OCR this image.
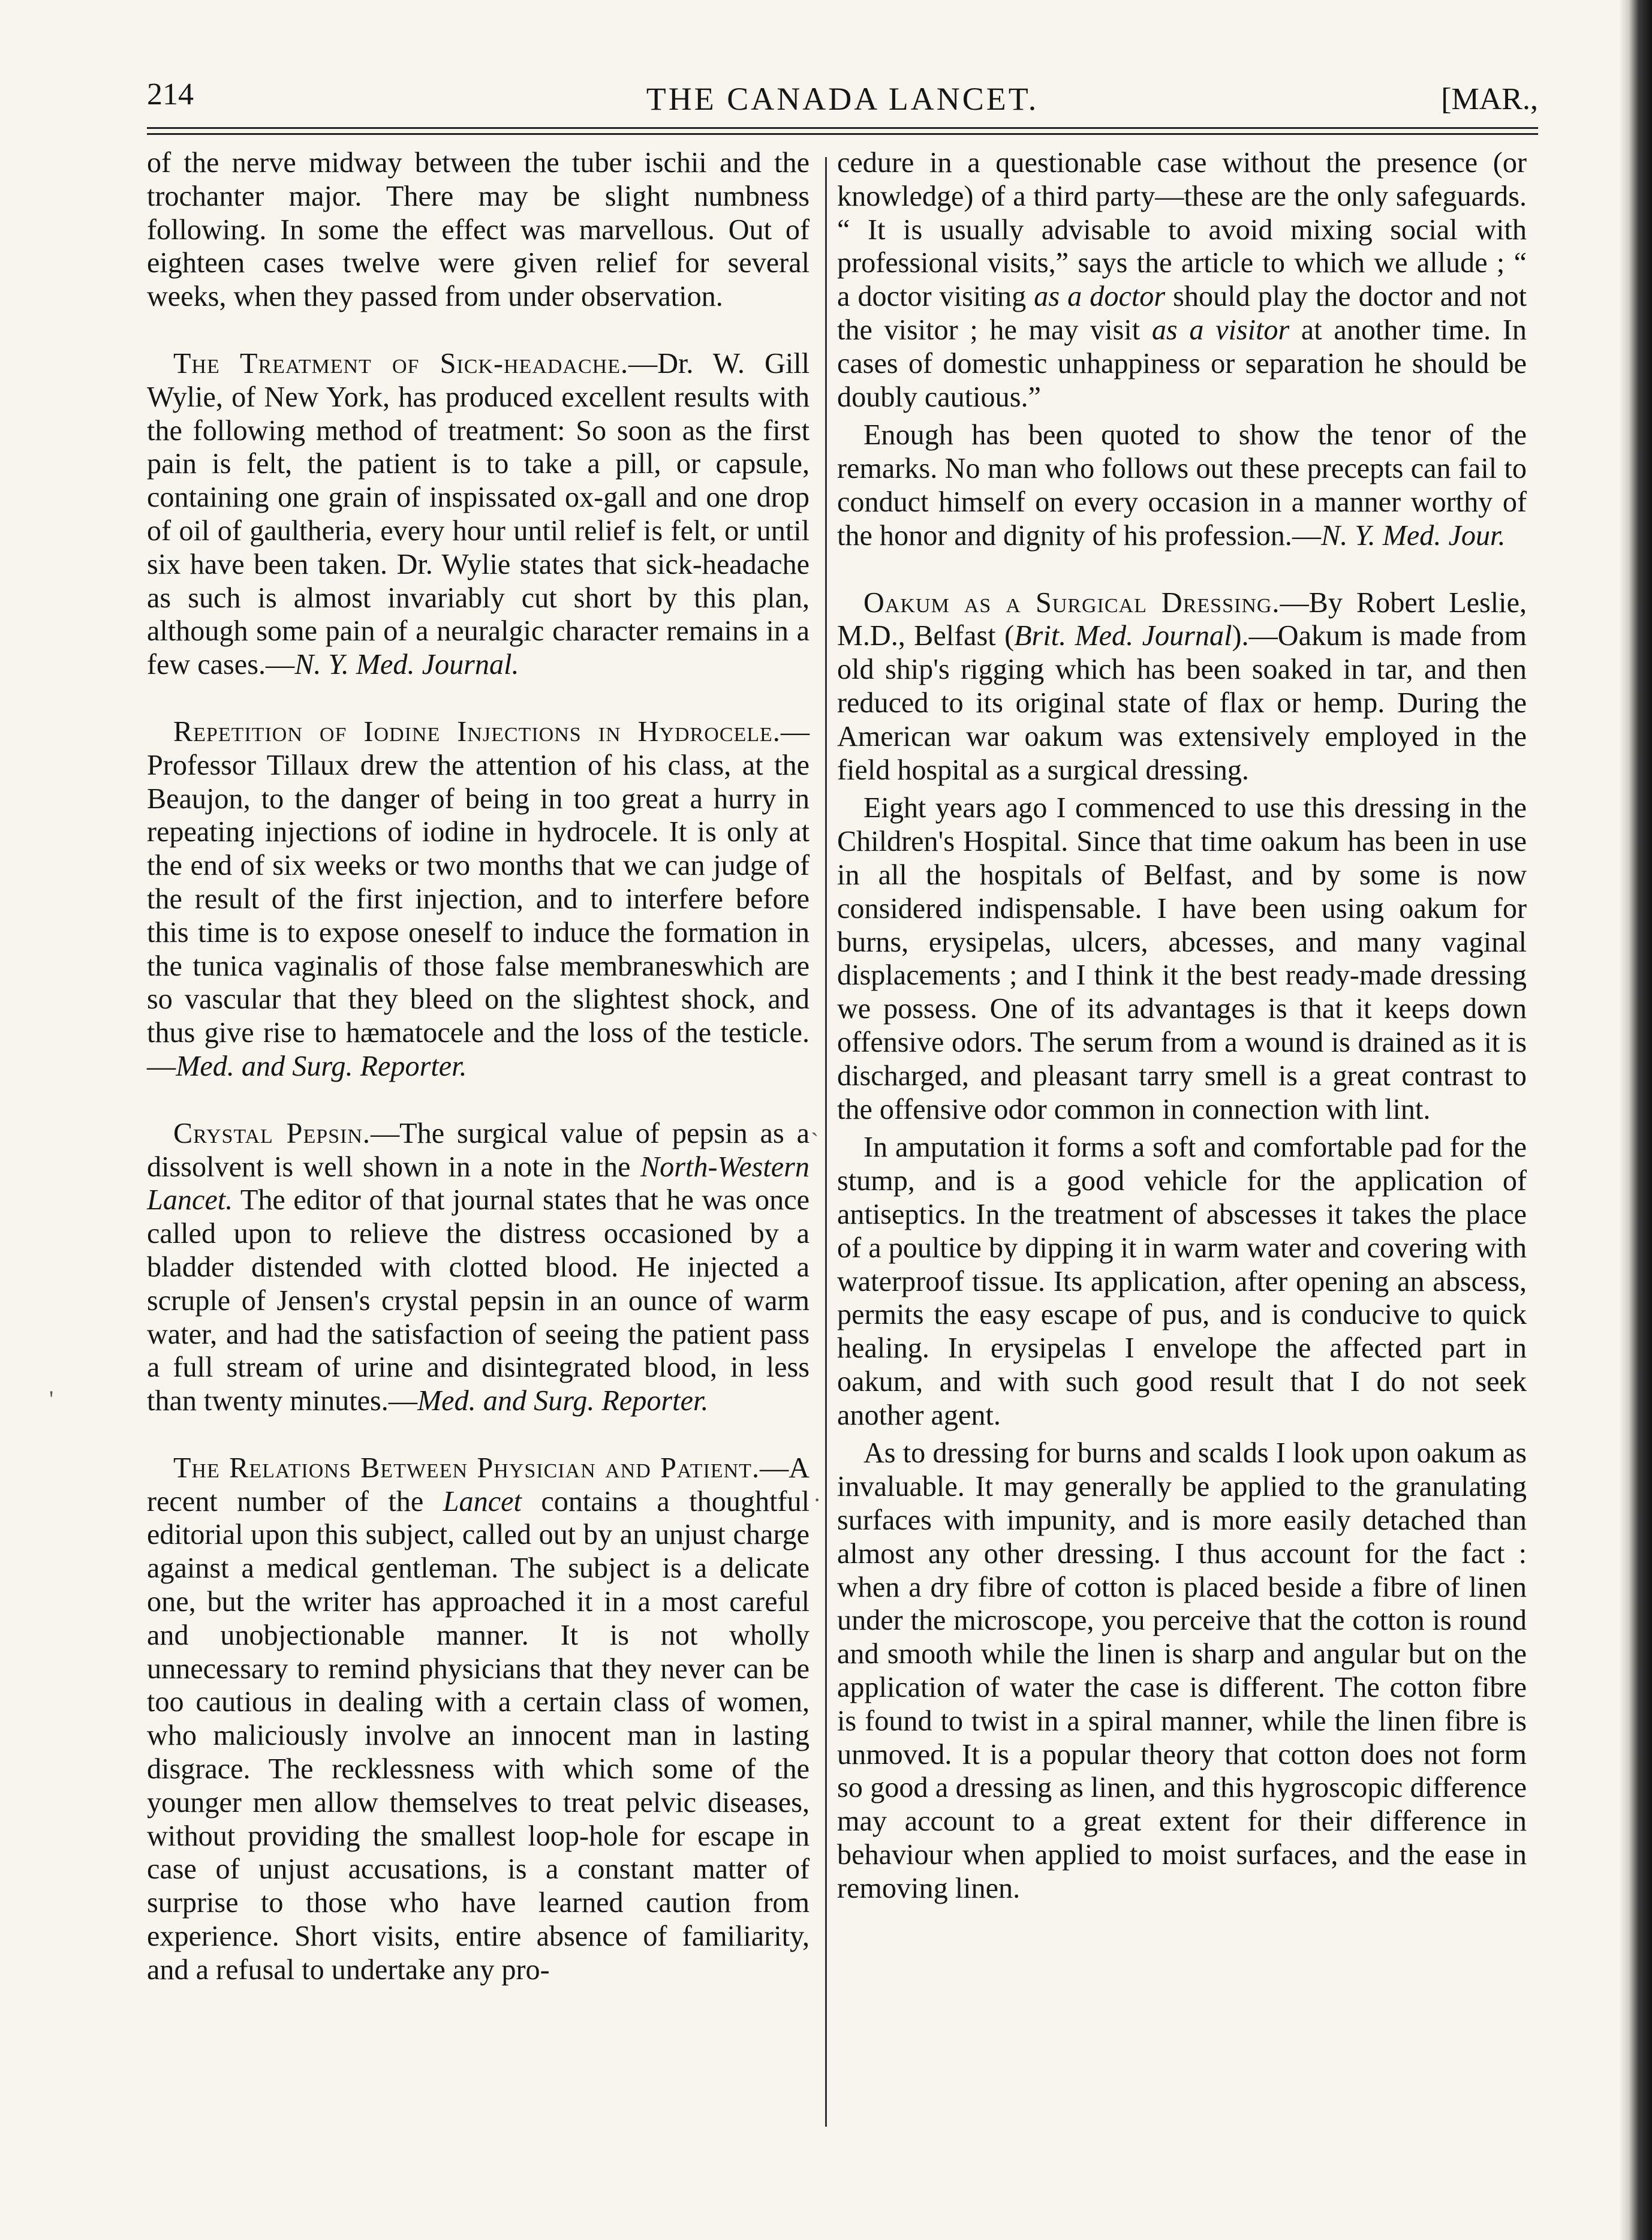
214	THE CANADA LANCET.	[MAR.,

of the nerve midway between the tuber ischii and the trochanter major. There may be slight numbness following. In some the effect was marvellous. Out of eighteen cases twelve were given relief for several weeks, when they passed from under observation.

The Treatment of Sick-headache.—Dr. W. Gill Wylie, of New York, has produced excellent results with the following method of treatment: So soon as the first pain is felt, the patient is to take a pill, or capsule, containing one grain of inspissated ox-gall and one drop of oil of gaultheria, every hour until relief is felt, or until six have been taken. Dr. Wylie states that sick-headache as such is almost invariably cut short by this plan, although some pain of a neuralgic character remains in a few cases.—N. Y. Med. Journal.

Repetition of Iodine Injections in Hydrocele.—Professor Tillaux drew the attention of his class, at the Beaujon, to the danger of being in too great a hurry in repeating injections of iodine in hydrocele. It is only at the end of six weeks or two months that we can judge of the result of the first injection, and to interfere before this time is to expose oneself to induce the formation in the tunica vaginalis of those false membraneswhich are so vascular that they bleed on the slightest shock, and thus give rise to hæmatocele and the loss of the testicle.—Med. and Surg. Reporter.

Crystal Pepsin.—The surgical value of pepsin as a dissolvent is well shown in a note in the North-Western Lancet. The editor of that journal states that he was once called upon to relieve the distress occasioned by a bladder distended with clotted blood. He injected a scruple of Jensen's crystal pepsin in an ounce of warm water, and had the satisfaction of seeing the patient pass a full stream of urine and disintegrated blood, in less than twenty minutes.—Med. and Surg. Reporter.

The Relations Between Physician and Patient.—A recent number of the Lancet contains a thoughtful editorial upon this subject, called out by an unjust charge against a medical gentleman. The subject is a delicate one, but the writer has approached it in a most careful and unobjectionable manner. It is not wholly unnecessary to remind physicians that they never can be too cautious in dealing with a certain class of women, who maliciously involve an innocent man in lasting disgrace. The recklessness with which some of the younger men allow themselves to treat pelvic diseases, without providing the smallest loop-hole for escape in case of unjust accusations, is a constant matter of surprise to those who have learned caution from experience. Short visits, entire absence of familiarity, and a refusal to undertake any pro-

cedure in a questionable case without the presence (or knowledge) of a third party—these are the only safeguards. “ It is usually advisable to avoid mixing social with professional visits,” says the article to which we allude ; “ a doctor visiting as a doctor should play the doctor and not the visitor ; he may visit as a visitor at another time. In cases of domestic unhappiness or separation he should be doubly cautious.”

Enough has been quoted to show the tenor of the remarks. No man who follows out these precepts can fail to conduct himself on every occasion in a manner worthy of the honor and dignity of his profession.—N. Y. Med. Jour.

Oakum as a Surgical Dressing.—By Robert Leslie, M.D., Belfast (Brit. Med. Journal).—Oakum is made from old ship's rigging which has been soaked in tar, and then reduced to its original state of flax or hemp. During the American war oakum was extensively employed in the field hospital as a surgical dressing.

Eight years ago I commenced to use this dressing in the Children's Hospital. Since that time oakum has been in use in all the hospitals of Belfast, and by some is now considered indispensable. I have been using oakum for burns, erysipelas, ulcers, abcesses, and many vaginal displacements ; and I think it the best ready-made dressing we possess. One of its advantages is that it keeps down offensive odors. The serum from a wound is drained as it is discharged, and pleasant tarry smell is a great contrast to the offensive odor common in connection with lint.

In amputation it forms a soft and comfortable pad for the stump, and is a good vehicle for the application of antiseptics. In the treatment of abscesses it takes the place of a poultice by dipping it in warm water and covering with waterproof tissue. Its application, after opening an abscess, permits the easy escape of pus, and is conducive to quick healing. In erysipelas I envelope the affected part in oakum, and with such good result that I do not seek another agent.

As to dressing for burns and scalds I look upon oakum as invaluable. It may generally be applied to the granulating surfaces with impunity, and is more easily detached than almost any other dressing. I thus account for the fact : when a dry fibre of cotton is placed beside a fibre of linen under the microscope, you perceive that the cotton is round and smooth while the linen is sharp and angular but on the application of water the case is different. The cotton fibre is found to twist in a spiral manner, while the linen fibre is unmoved. It is a popular theory that cotton does not form so good a dressing as linen, and this hygroscopic difference may account to a great extent for their difference in behaviour when applied to moist surfaces, and the ease in removing linen.

`
·
'
